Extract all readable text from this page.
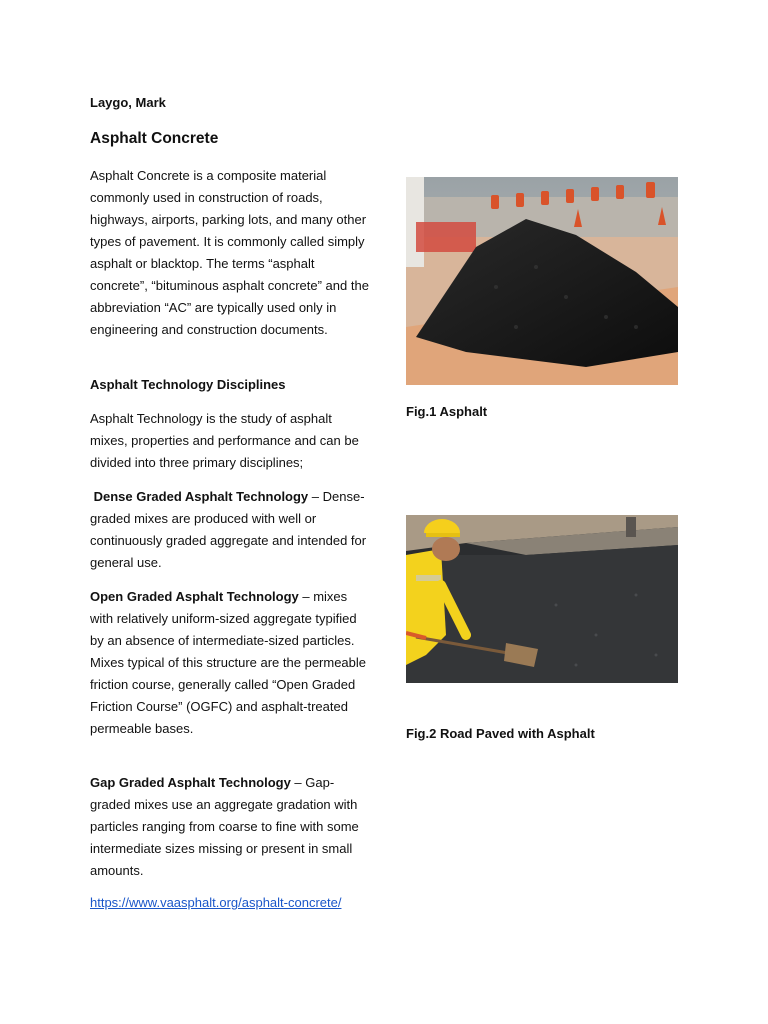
Laygo, Mark
Asphalt Concrete

Asphalt Concrete is a composite material commonly used in construction of roads, highways, airports, parking lots, and many other types of pavement. It is commonly called simply asphalt or blacktop. The terms “asphalt concrete”, “bituminous asphalt concrete” and the abbreviation “AC” are typically used only in engineering and construction documents.

Asphalt Technology Disciplines

Asphalt Technology is the study of asphalt mixes, properties and performance and can be divided into three primary disciplines;

Dense Graded Asphalt Technology – Dense-graded mixes are produced with well or continuously graded aggregate and intended for general use.

Open Graded Asphalt Technology – mixes with relatively uniform-sized aggregate typified by an absence of intermediate-sized particles. Mixes typical of this structure are the permeable friction course, generally called “Open Graded Friction Course” (OGFC) and asphalt-treated permeable bases.

Gap Graded Asphalt Technology – Gap-graded mixes use an aggregate gradation with particles ranging from coarse to fine with some intermediate sizes missing or present in small amounts.

https://www.vaasphalt.org/asphalt-concrete/
Fig.1 Asphalt
Fig.2 Road Paved with Asphalt
